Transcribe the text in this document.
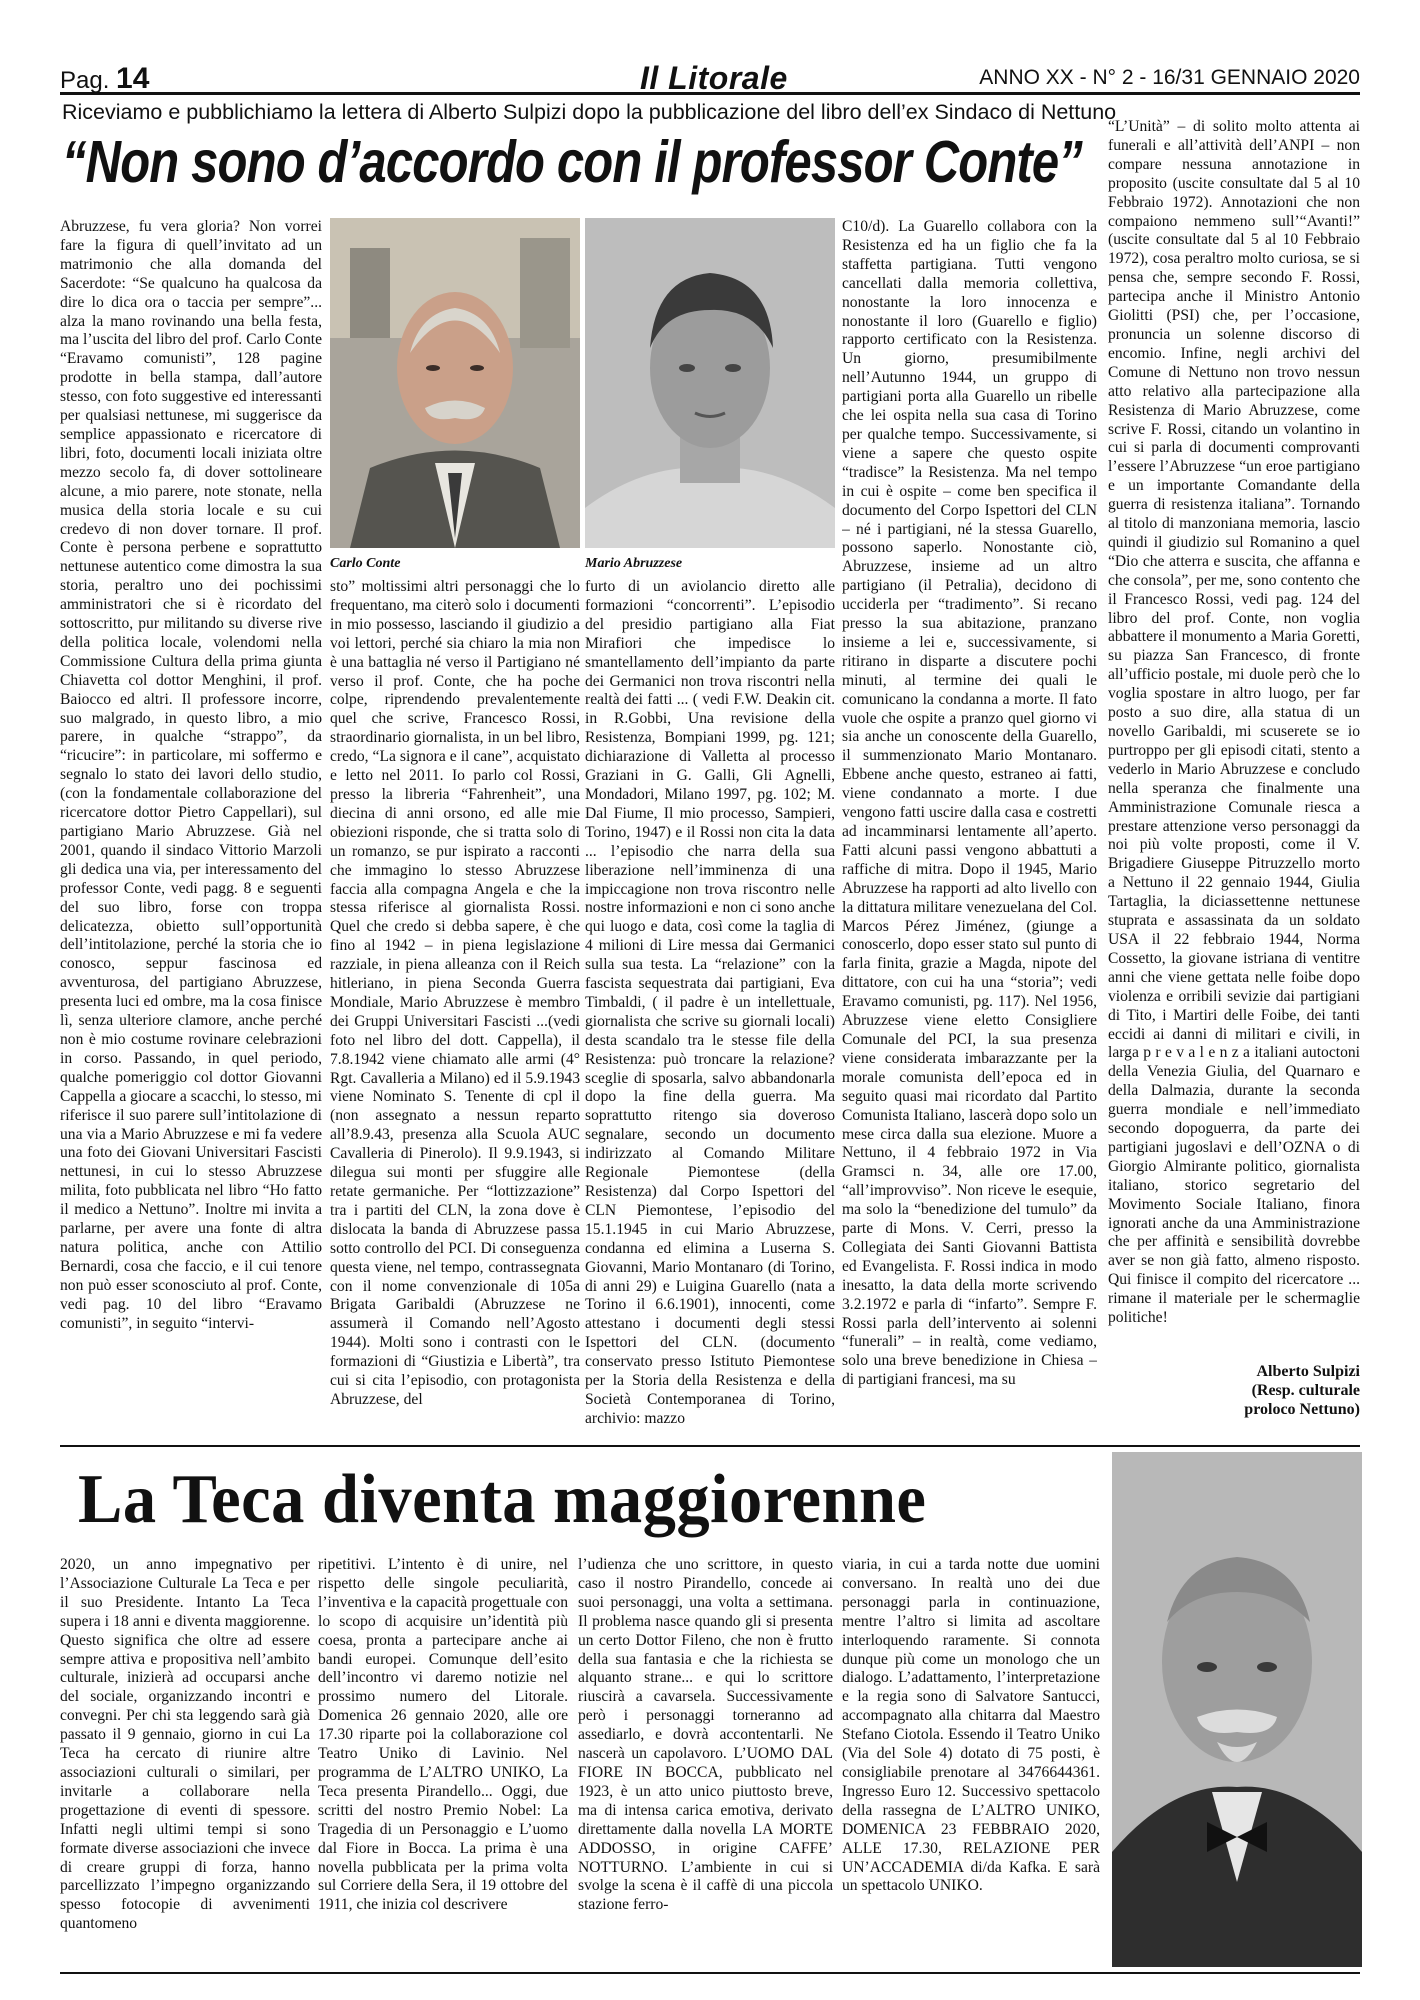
Pag. 14	Il Litorale	ANNO XX - N° 2 - 16/31 GENNAIO 2020
Riceviamo e pubblichiamo la lettera di Alberto Sulpizi dopo la pubblicazione del libro dell’ex Sindaco di Nettuno
“Non sono d’accordo con il professor Conte”
Carlo Conte	Mario Abruzzese

Abruzzese, fu vera gloria? Non vorrei fare la figura di quell’invitato ad un matrimonio che alla domanda del Sacerdote: “Se qualcuno ha qualcosa da dire lo dica ora o taccia per sempre”... alza la mano rovinando una bella festa, ma l’uscita del libro del prof. Carlo Conte “Eravamo comunisti”, 128 pagine prodotte in bella stampa, dall’autore stesso, con foto suggestive ed interessanti per qualsiasi nettunese, mi suggerisce da semplice appassionato e ricercatore di libri, foto, documenti locali iniziata oltre mezzo secolo fa, di dover sottolineare alcune, a mio parere, note stonate, nella musica della storia locale e su cui credevo di non dover tornare. Il prof. Conte è persona perbene e soprattutto nettunese autentico come dimostra la sua storia, peraltro uno dei pochissimi amministratori che si è ricordato del sottoscritto, pur militando su diverse rive della politica locale, volendomi nella Commissione Cultura della prima giunta Chiavetta col dottor Menghini, il prof. Baiocco ed altri. Il professore incorre, suo malgrado, in questo libro, a mio parere, in qualche “strappo”, da “ricucire”: in particolare, mi soffermo e segnalo lo stato dei lavori dello studio, (con la fondamentale collaborazione del ricercatore dottor Pietro Cappellari), sul partigiano Mario Abruzzese. Già nel 2001, quando il sindaco Vittorio Marzoli gli dedica una via, per interessamento del professor Conte, vedi pagg. 8 e seguenti del suo libro, forse con troppa delicatezza, obietto sull’opportunità dell’intitolazione, perché la storia che io conosco, seppur fascinosa ed avventurosa, del partigiano Abruzzese, presenta luci ed ombre, ma la cosa finisce lì, senza ulteriore clamore, anche perché non è mio costume rovinare celebrazioni in corso. Passando, in quel periodo, qualche pomeriggio col dottor Giovanni Cappella a giocare a scacchi, lo stesso, mi riferisce il suo parere sull’intitolazione di una via a Mario Abruzzese e mi fa vedere una foto dei Giovani Universitari Fascisti nettunesi, in cui lo stesso Abruzzese milita, foto pubblicata nel libro “Ho fatto il medico a Nettuno”. Inoltre mi invita a parlarne, per avere una fonte di altra natura politica, anche con Attilio Bernardi, cosa che faccio, e il cui tenore non può esser sconosciuto al prof. Conte, vedi pag. 10 del libro “Eravamo comunisti”, in seguito “intervi-

sto” moltissimi altri personaggi che lo frequentano, ma citerò solo i documenti in mio possesso, lasciando il giudizio a voi lettori, perché sia chiaro la mia non è una battaglia né verso il Partigiano né verso il prof. Conte, che ha poche colpe, riprendendo prevalentemente quel che scrive, Francesco Rossi, straordinario giornalista, in un bel libro, credo, “La signora e il cane”, acquistato e letto nel 2011. Io parlo col Rossi, presso la libreria “Fahrenheit”, una diecina di anni orsono, ed alle mie obiezioni risponde, che si tratta solo di un romanzo, se pur ispirato a racconti che immagino lo stesso Abruzzese faccia alla compagna Angela e che la stessa riferisce al giornalista Rossi. Quel che credo si debba sapere, è che fino al 1942 – in piena legislazione razziale, in piena alleanza con il Reich hitleriano, in piena Seconda Guerra Mondiale, Mario Abruzzese è membro dei Gruppi Universitari Fascisti ...(vedi foto nel libro del dott. Cappella), il 7.8.1942 viene chiamato alle armi (4° Rgt. Cavalleria a Milano) ed il 5.9.1943 viene Nominato S. Tenente di cpl il (non assegnato a nessun reparto all’8.9.43, presenza alla Scuola AUC Cavalleria di Pinerolo). Il 9.9.1943, si dilegua sui monti per sfuggire alle retate germaniche. Per “lottizzazione” tra i partiti del CLN, la zona dove è dislocata la banda di Abruzzese passa sotto controllo del PCI. Di conseguenza questa viene, nel tempo, contrassegnata con il nome convenzionale di 105a Brigata Garibaldi (Abruzzese ne assumerà il Comando nell’Agosto 1944). Molti sono i contrasti con le formazioni di “Giustizia e Libertà”, tra cui si cita l’episodio, con protagonista Abruzzese, del

furto di un aviolancio diretto alle formazioni “concorrenti”. L’episodio del presidio partigiano alla Fiat Mirafiori che impedisce lo smantellamento dell’impianto da parte dei Germanici non trova riscontri nella realtà dei fatti ... ( vedi F.W. Deakin cit. in R.Gobbi, Una revisione della Resistenza, Bompiani 1999, pg. 121; dichiarazione di Valletta al processo Graziani in G. Galli, Gli Agnelli, Mondadori, Milano 1997, pg. 102; M. Dal Fiume, Il mio processo, Sampieri, Torino, 1947) e il Rossi non cita la data ... l’episodio che narra della sua liberazione nell’imminenza di una impiccagione non trova riscontro nelle nostre informazioni e non ci sono anche qui luogo e data, così come la taglia di 4 milioni di Lire messa dai Germanici sulla sua testa. La “relazione” con la fascista sequestrata dai partigiani, Eva Timbaldi, ( il padre è un intellettuale, giornalista che scrive su giornali locali) desta scandalo tra le stesse file della Resistenza: può troncare la relazione? sceglie di sposarla, salvo abbandonarla dopo la fine della guerra. Ma soprattutto ritengo sia doveroso segnalare, secondo un documento indirizzato al Comando Militare Regionale Piemontese (della Resistenza) dal Corpo Ispettori del CLN Piemontese, l’episodio del 15.1.1945 in cui Mario Abruzzese, condanna ed elimina a Luserna S. Giovanni, Mario Montanaro (di Torino, di anni 29) e Luigina Guarello (nata a Torino il 6.6.1901), innocenti, come attestano i documenti degli stessi Ispettori del CLN. (documento conservato presso Istituto Piemontese per la Storia della Resistenza e della Società Contemporanea di Torino, archivio: mazzo

C10/d). La Guarello collabora con la Resistenza ed ha un figlio che fa la staffetta partigiana. Tutti vengono cancellati dalla memoria collettiva, nonostante la loro innocenza e nonostante il loro (Guarello e figlio) rapporto certificato con la Resistenza. Un giorno, presumibilmente nell’Autunno 1944, un gruppo di partigiani porta alla Guarello un ribelle che lei ospita nella sua casa di Torino per qualche tempo. Successivamente, si viene a sapere che questo ospite “tradisce” la Resistenza. Ma nel tempo in cui è ospite – come ben specifica il documento del Corpo Ispettori del CLN – né i partigiani, né la stessa Guarello, possono saperlo. Nonostante ciò, Abruzzese, insieme ad un altro partigiano (il Petralia), decidono di ucciderla per “tradimento”. Si recano presso la sua abitazione, pranzano insieme a lei e, successivamente, si ritirano in disparte a discutere pochi minuti, al termine dei quali le comunicano la condanna a morte. Il fato vuole che ospite a pranzo quel giorno vi sia anche un conoscente della Guarello, il summenzionato Mario Montanaro. Ebbene anche questo, estraneo ai fatti, viene condannato a morte. I due vengono fatti uscire dalla casa e costretti ad incamminarsi lentamente all’aperto. Fatti alcuni passi vengono abbattuti a raffiche di mitra. Dopo il 1945, Mario Abruzzese ha rapporti ad alto livello con la dittatura militare venezuelana del Col. Marcos Pérez Jiménez, (giunge a conoscerlo, dopo esser stato sul punto di farla finita, grazie a Magda, nipote del dittatore, con cui ha una “storia”; vedi Eravamo comunisti, pg. 117). Nel 1956, Abruzzese viene eletto Consigliere Comunale del PCI, la sua presenza viene considerata imbarazzante per la morale comunista dell’epoca ed in seguito quasi mai ricordato dal Partito Comunista Italiano, lascerà dopo solo un mese circa dalla sua elezione. Muore a Nettuno, il 4 febbraio 1972 in Via Gramsci n. 34, alle ore 17.00, “all’improvviso”. Non riceve le esequie, ma solo la “benedizione del tumulo” da parte di Mons. V. Cerri, presso la Collegiata dei Santi Giovanni Battista ed Evangelista. F. Rossi indica in modo inesatto, la data della morte scrivendo 3.2.1972 e parla di “infarto”. Sempre F. Rossi parla dell’intervento ai solenni “funerali” – in realtà, come vediamo, solo una breve benedizione in Chiesa – di partigiani francesi, ma su

“L’Unità” – di solito molto attenta ai funerali e all’attività dell’ANPI – non compare nessuna annotazione in proposito (uscite consultate dal 5 al 10 Febbraio 1972). Annotazioni che non compaiono nemmeno sull’“Avanti!” (uscite consultate dal 5 al 10 Febbraio 1972), cosa peraltro molto curiosa, se si pensa che, sempre secondo F. Rossi, partecipa anche il Ministro Antonio Giolitti (PSI) che, per l’occasione, pronuncia un solenne discorso di encomio. Infine, negli archivi del Comune di Nettuno non trovo nessun atto relativo alla partecipazione alla Resistenza di Mario Abruzzese, come scrive F. Rossi, citando un volantino in cui si parla di documenti comprovanti l’essere l’Abruzzese “un eroe partigiano e un importante Comandante della guerra di resistenza italiana”. Tornando al titolo di manzoniana memoria, lascio quindi il giudizio sul Romanino a quel “Dio che atterra e suscita, che affanna e che consola”, per me, sono contento che il Francesco Rossi, vedi pag. 124 del libro del prof. Conte, non voglia abbattere il monumento a Maria Goretti, su piazza San Francesco, di fronte all’ufficio postale, mi duole però che lo voglia spostare in altro luogo, per far posto a suo dire, alla statua di un novello Garibaldi, mi scuserete se io purtroppo per gli episodi citati, stento a vederlo in Mario Abruzzese e concludo nella speranza che finalmente una Amministrazione Comunale riesca a prestare attenzione verso personaggi da noi più volte proposti, come il V. Brigadiere Giuseppe Pitruzzello morto a Nettuno il 22 gennaio 1944, Giulia Tartaglia, la diciassettenne nettunese stuprata e assassinata da un soldato USA il 22 febbraio 1944, Norma Cossetto, la giovane istriana di ventitre anni che viene gettata nelle foibe dopo violenza e orribili sevizie dai partigiani di Tito, i Martiri delle Foibe, dei tanti eccidi ai danni di militari e civili, in larga p r e v a l e n z a italiani autoctoni della Venezia Giulia, del Quarnaro e della Dalmazia, durante la seconda guerra mondiale e nell’immediato secondo dopoguerra, da parte dei partigiani jugoslavi e dell’OZNA o di Giorgio Almirante politico, giornalista italiano, storico segretario del Movimento Sociale Italiano, finora ignorati anche da una Amministrazione che per affinità e sensibilità dovrebbe aver se non già fatto, almeno risposto. Qui finisce il compito del ricercatore ... rimane il materiale per le schermaglie politiche!

Alberto Sulpizi
(Resp. culturale
proloco Nettuno)
La Teca diventa maggiorenne

2020, un anno impegnativo per l’Associazione Culturale La Teca e per il suo Presidente. Intanto La Teca supera i 18 anni e diventa maggiorenne. Questo significa che oltre ad essere sempre attiva e propositiva nell’ambito culturale, inizierà ad occuparsi anche del sociale, organizzando incontri e convegni. Per chi sta leggendo sarà già passato il 9 gennaio, giorno in cui La Teca ha cercato di riunire altre associazioni culturali o similari, per invitarle a collaborare nella progettazione di eventi di spessore. Infatti negli ultimi tempi si sono formate diverse associazioni che invece di creare gruppi di forza, hanno parcellizzato l’impegno organizzando spesso fotocopie di avvenimenti quantomeno

ripetitivi. L’intento è di unire, nel rispetto delle singole peculiarità, l’inventiva e la capacità progettuale con lo scopo di acquisire un’identità più coesa, pronta a partecipare anche ai bandi europei. Comunque dell’esito dell’incontro vi daremo notizie nel prossimo numero del Litorale. Domenica 26 gennaio 2020, alle ore 17.30 riparte poi la collaborazione col Teatro Uniko di Lavinio. Nel programma de L’ALTRO UNIKO, La Teca presenta Pirandello... Oggi, due scritti del nostro Premio Nobel: La Tragedia di un Personaggio e L’uomo dal Fiore in Bocca. La prima è una novella pubblicata per la prima volta sul Corriere della Sera, il 19 ottobre del 1911, che inizia col descrivere

l’udienza che uno scrittore, in questo caso il nostro Pirandello, concede ai suoi personaggi, una volta a settimana. Il problema nasce quando gli si presenta un certo Dottor Fileno, che non è frutto della sua fantasia e che la richiesta se alquanto strane... e qui lo scrittore riuscirà a cavarsela. Successivamente però i personaggi torneranno ad assediarlo, e dovrà accontentarli. Ne nascerà un capolavoro. L’UOMO DAL FIORE IN BOCCA, pubblicato nel 1923, è un atto unico piuttosto breve, ma di intensa carica emotiva, derivato direttamente dalla novella LA MORTE ADDOSSO, in origine CAFFE’ NOTTURNO. L’ambiente in cui si svolge la scena è il caffè di una piccola stazione ferro-

viaria, in cui a tarda notte due uomini conversano. In realtà uno dei due personaggi parla in continuazione, mentre l’altro si limita ad ascoltare interloquendo raramente. Si connota dunque più come un monologo che un dialogo. L’adattamento, l’interpretazione e la regia sono di Salvatore Santucci, accompagnato alla chitarra dal Maestro Stefano Ciotola. Essendo il Teatro Uniko (Via del Sole 4) dotato di 75 posti, è consigliabile prenotare al 3476644361. Ingresso Euro 12. Successivo spettacolo della rassegna de L’ALTRO UNIKO, DOMENICA 23 FEBBRAIO 2020, ALLE 17.30, RELAZIONE PER UN’ACCADEMIA di/da Kafka. E sarà un spettacolo UNIKO.
